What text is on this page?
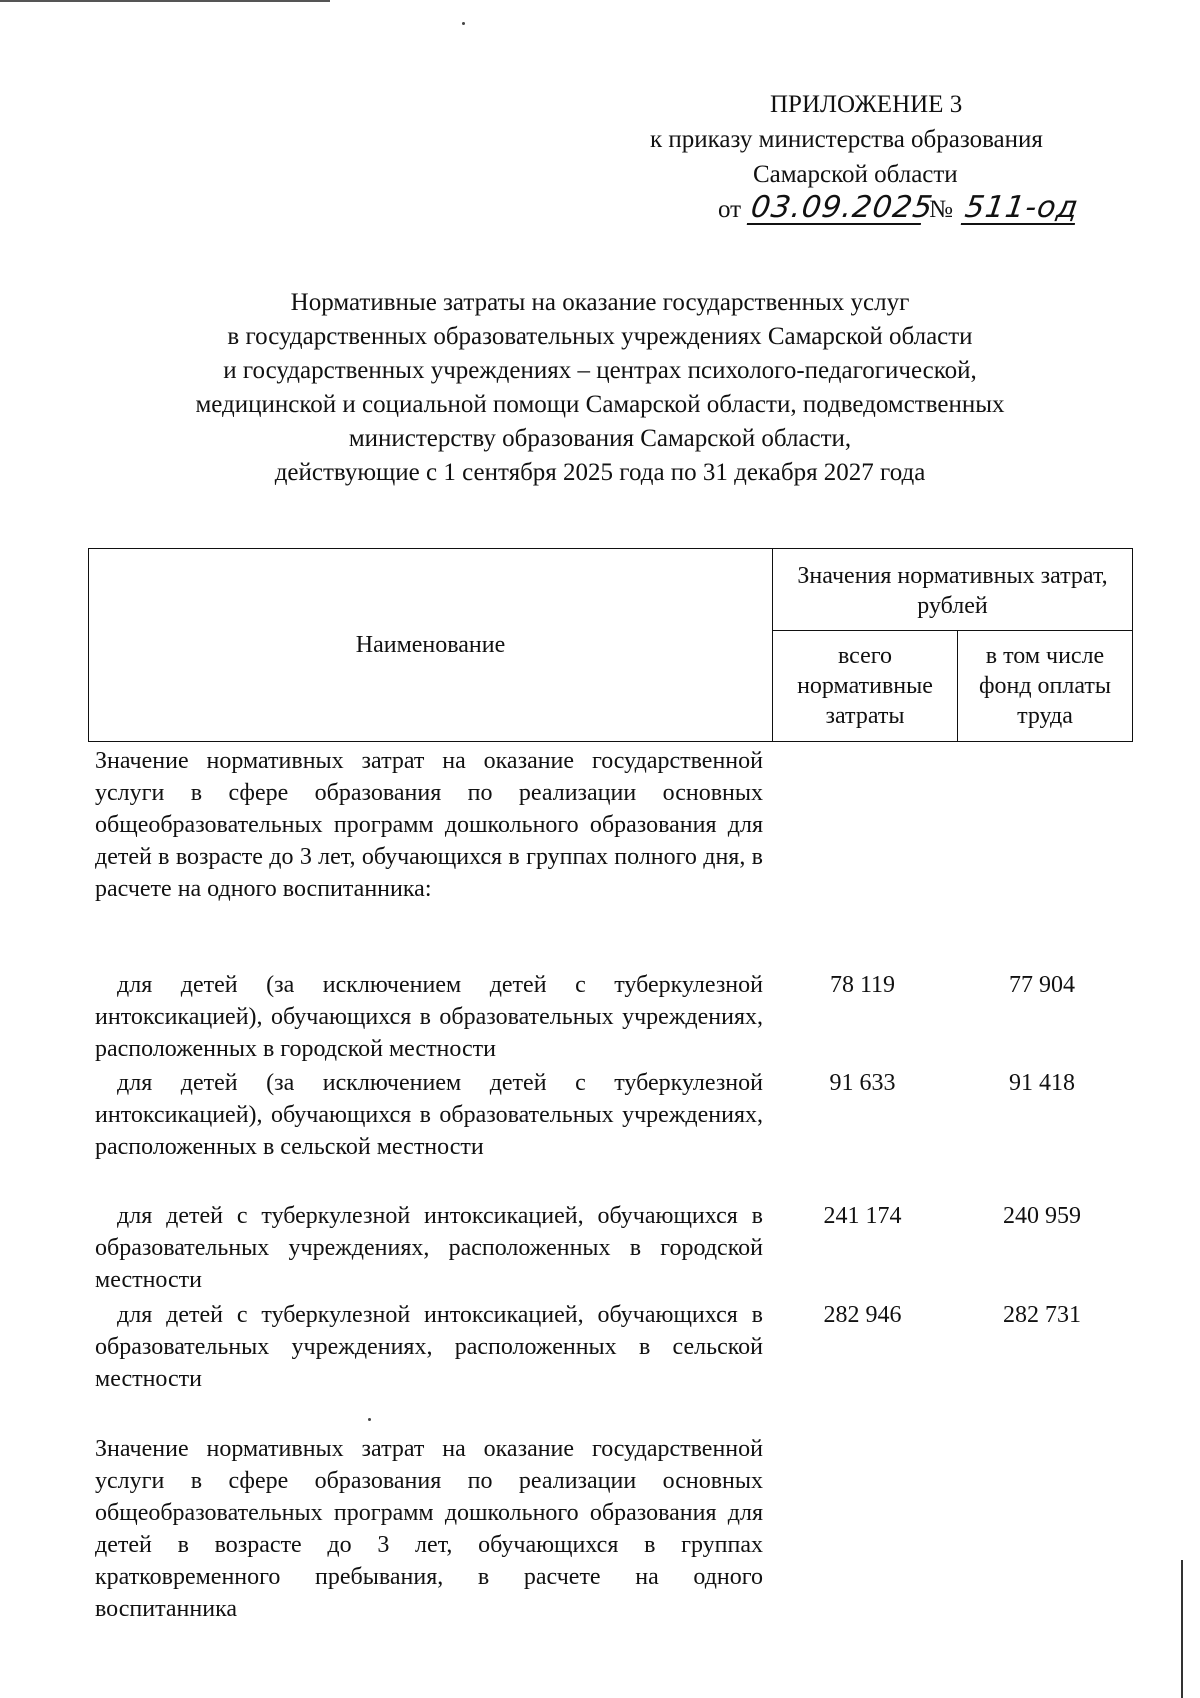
ПРИЛОЖЕНИЕ 3
к приказу министерства образования
Самарской области
от 03.09.2025
№ 511-од
Нормативные затраты на оказание государственных услуг
в государственных образовательных учреждениях Самарской области
и государственных учреждениях – центрах психолого-педагогической,
медицинской и социальной помощи Самарской области, подведомственных
министерству образования Самарской области,
действующие с 1 сентября 2025 года по 31 декабря 2027 года
Наименование
Значения нормативных затрат, рублей
всего нормативные затраты
в том числе фонд оплаты труда
Значение нормативных затрат на оказание государственной услуги в сфере образования по реализации основных общеобразовательных программ дошкольного образования для детей в возрасте до 3 лет, обучающихся в группах полного дня, в расчете на одного воспитанника:
для детей (за исключением детей с туберкулезной интоксикацией), обучающихся в образовательных учреждениях, расположенных в городской местности
78 119	77 904
для детей (за исключением детей с туберкулезной интоксикацией), обучающихся в образовательных учреждениях, расположенных в сельской местности
91 633	91 418
для детей с туберкулезной интоксикацией, обучающихся в образовательных учреждениях, расположенных в городской местности
241 174	240 959
для детей с туберкулезной интоксикацией, обучающихся в образовательных учреждениях, расположенных в сельской местности
282 946	282 731
Значение нормативных затрат на оказание государственной услуги в сфере образования по реализации основных общеобразовательных программ дошкольного образования для детей в возрасте до 3 лет, обучающихся в группах кратковременного пребывания, в расчете на одного воспитанника
